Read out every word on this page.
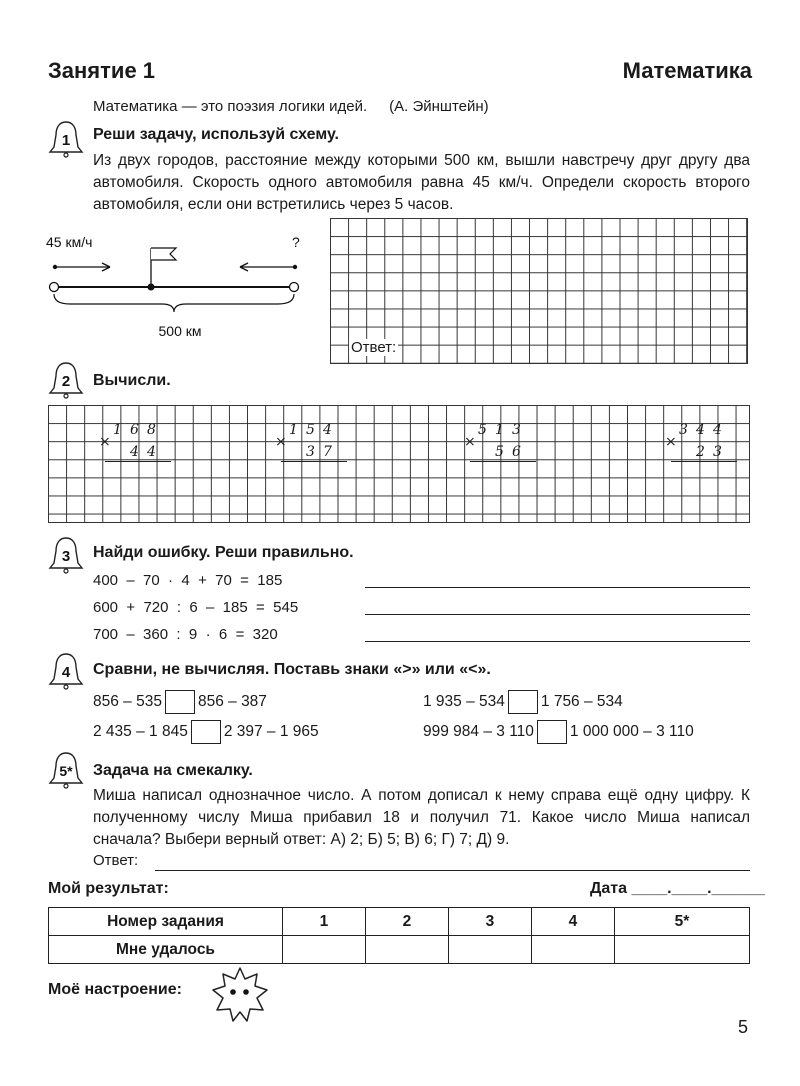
Занятие 1	Математика
Математика — это поэзия логики идей. (А. Эйнштейн)
1 Реши задачу, используй схему.
Из двух городов, расстояние между которыми 500 км, вышли навстречу друг другу два автомобиля. Скорость одного автомобиля равна 45 км/ч. Определи скорость второго автомобиля, если они встретились через 5 часов.
45 км/ч	?
500 км
Ответ:
2 Вычисли.
×
1 6 8
4 4
×
1 5 4
3 7
×
5 1 3
5 6
×
3 4 4
2 3
3 Найди ошибку. Реши правильно.
400  –  70  ·  4  +  70  =  185
600  +  720  :  6  –  185  =  545
700  –  360  :  9  ·  6  =  320
4 Сравни, не вычисляя. Поставь знаки «>» или «<».
856 – 535 856 – 387	1 935 – 534 1 756 – 534
2 435 – 1 845 2 397 – 1 965	999 984 – 3 110 1 000 000 – 3 110
5* Задача на смекалку.
Миша написал однозначное число. А потом дописал к нему справа ещё одну цифру. К полученному числу Миша прибавил 18 и получил 71. Какое число Миша написал сначала? Выбери верный ответ: А) 2; Б) 5; В) 6; Г) 7; Д) 9.
Ответ:
Мой результат:	Дата ____.____.______
Номер задания	1	2	3	4	5*
Мне удалось					
Моё настроение:
5
